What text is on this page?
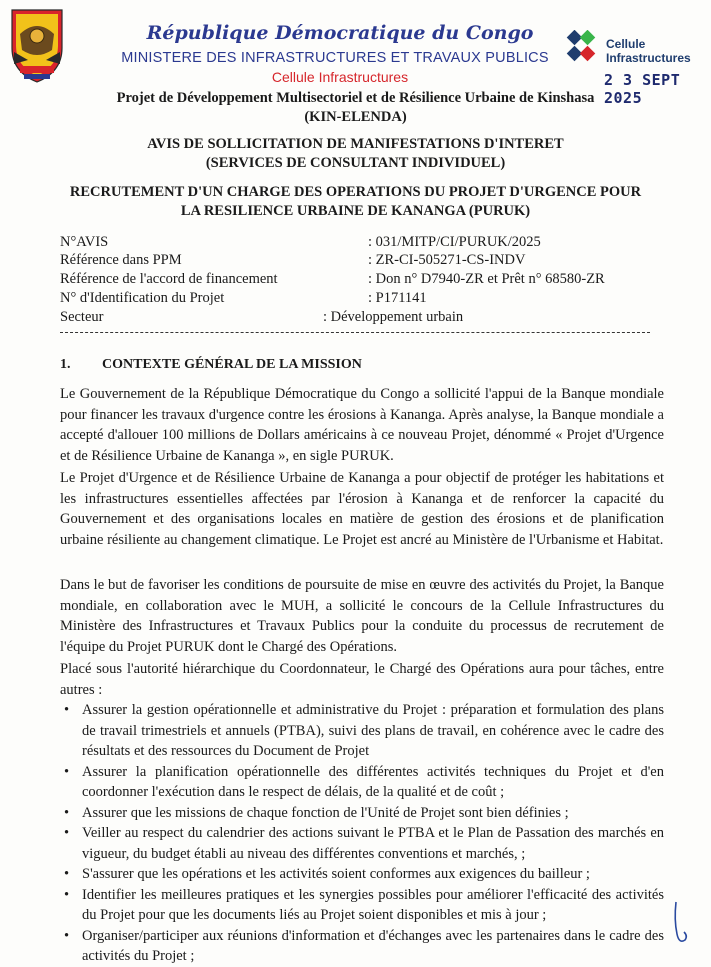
République Démocratique du Congo
MINISTERE DES INFRASTRUCTURES ET TRAVAUX PUBLICS
Cellule Infrastructures
Cellule
Infrastructures
2 3 SEPT 2025
Projet de Développement Multisectoriel et de Résilience Urbaine de Kinshasa
(KIN-ELENDA)
AVIS DE SOLLICITATION DE MANIFESTATIONS D'INTERET
(SERVICES DE CONSULTANT INDIVIDUEL)
RECRUTEMENT D'UN CHARGE DES OPERATIONS DU PROJET D'URGENCE POUR
LA RESILIENCE URBAINE DE KANANGA (PURUK)
N°AVIS	: 031/MITP/CI/PURUK/2025
Référence dans PPM	: ZR-CI-505271-CS-INDV
Référence de l'accord de financement	: Don n° D7940-ZR et Prêt n° 68580-ZR
N° d'Identification du Projet	: P171141
Secteur	: Développement urbain
1. CONTEXTE GÉNÉRAL DE LA MISSION
Le Gouvernement de la République Démocratique du Congo a sollicité l'appui de la Banque mondiale pour financer les travaux d'urgence contre les érosions à Kananga. Après analyse, la Banque mondiale a accepté d'allouer 100 millions de Dollars américains à ce nouveau Projet, dénommé « Projet d'Urgence et de Résilience Urbaine de Kananga », en sigle PURUK.
Le Projet d'Urgence et de Résilience Urbaine de Kananga a pour objectif de protéger les habitations et les infrastructures essentielles affectées par l'érosion à Kananga et de renforcer la capacité du Gouvernement et des organisations locales en matière de gestion des érosions et de planification urbaine résiliente au changement climatique. Le Projet est ancré au Ministère de l'Urbanisme et Habitat.
Dans le but de favoriser les conditions de poursuite de mise en œuvre des activités du Projet, la Banque mondiale, en collaboration avec le MUH, a sollicité le concours de la Cellule Infrastructures du Ministère des Infrastructures et Travaux Publics pour la conduite du processus de recrutement de l'équipe du Projet PURUK dont le Chargé des Opérations.
Placé sous l'autorité hiérarchique du Coordonnateur, le Chargé des Opérations aura pour tâches, entre autres :
• Assurer la gestion opérationnelle et administrative du Projet : préparation et formulation des plans de travail trimestriels et annuels (PTBA), suivi des plans de travail, en cohérence avec le cadre des résultats et des ressources du Document de Projet
• Assurer la planification opérationnelle des différentes activités techniques du Projet et d'en coordonner l'exécution dans le respect de délais, de la qualité et de coût ;
• Assurer que les missions de chaque fonction de l'Unité de Projet sont bien définies ;
• Veiller au respect du calendrier des actions suivant le PTBA et le Plan de Passation des marchés en vigueur, du budget établi au niveau des différentes conventions et marchés, ;
• S'assurer que les opérations et les activités soient conformes aux exigences du bailleur ;
• Identifier les meilleures pratiques et les synergies possibles pour améliorer l'efficacité des activités du Projet pour que les documents liés au Projet soient disponibles et mis à jour ;
• Organiser/participer aux réunions d'information et d'échanges avec les partenaires dans le cadre des activités du Projet ;
